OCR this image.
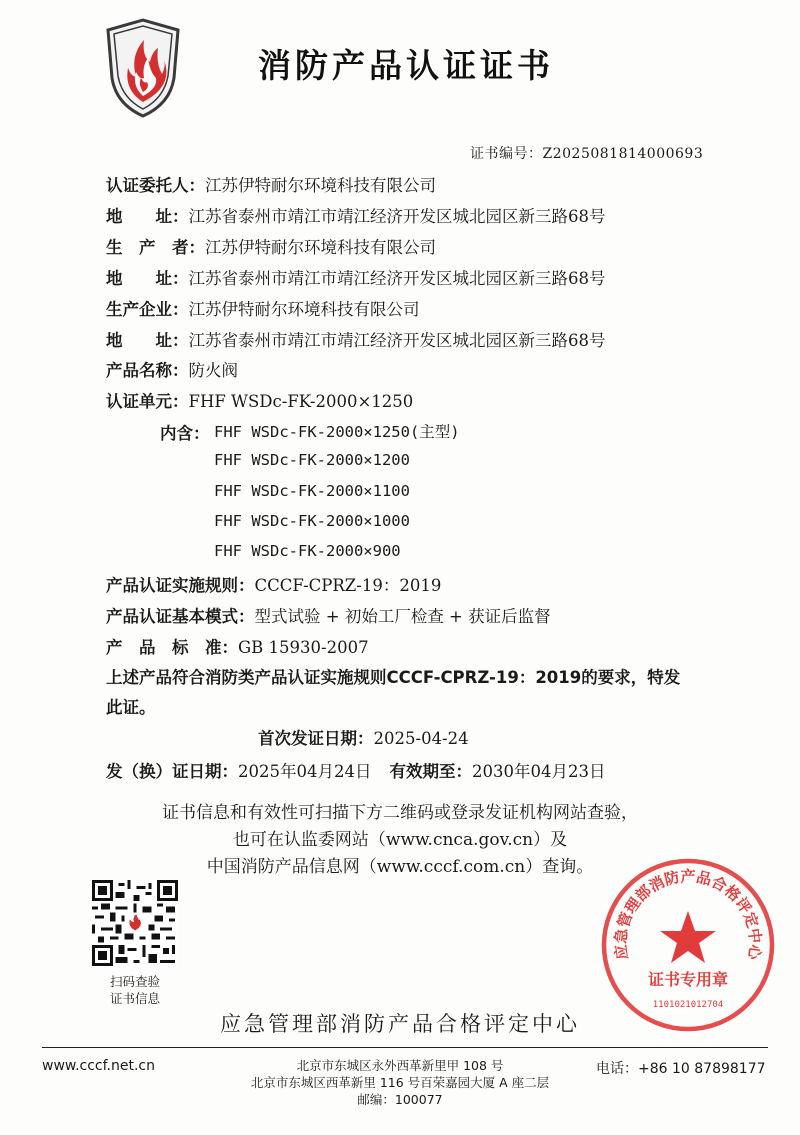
消防产品认证证书
证书编号：Z2025081814000693
认证委托人：江苏伊特耐尔环境科技有限公司
地　　址：江苏省泰州市靖江市靖江经济开发区城北园区新三路68号
生　产　者：江苏伊特耐尔环境科技有限公司
地　　址：江苏省泰州市靖江市靖江经济开发区城北园区新三路68号
生产企业：江苏伊特耐尔环境科技有限公司
地　　址：江苏省泰州市靖江市靖江经济开发区城北园区新三路68号
产品名称：防火阀
认证单元：FHF WSDc-FK-2000×1250
内含： FHF WSDc-FK-2000×1250(主型)
FHF WSDc-FK-2000×1200
FHF WSDc-FK-2000×1100
FHF WSDc-FK-2000×1000
FHF WSDc-FK-2000×900
产品认证实施规则：CCCF-CPRZ-19：2019
产品认证基本模式：型式试验 + 初始工厂检查 + 获证后监督
产　品　标　准：GB 15930-2007
上述产品符合消防类产品认证实施规则CCCF-CPRZ-19：2019的要求，特发
此证。
首次发证日期：2025-04-24
发（换）证日期：2025年04月24日 有效期至：2030年04月23日
证书信息和有效性可扫描下方二维码或登录发证机构网站查验，
也可在认监委网站（www.cnca.gov.cn）及
中国消防产品信息网（www.cccf.com.cn）查询。
扫码查验
证书信息
应急管理部消防产品合格评定中心
证书专用章
1101021012704
应急管理部消防产品合格评定中心
www.cccf.net.cn	北京市东城区永外西革新里甲 108 号
北京市东城区西革新里 116 号百荣嘉园大厦 A 座二层
邮编：100077
电话：+86 10 87898177
